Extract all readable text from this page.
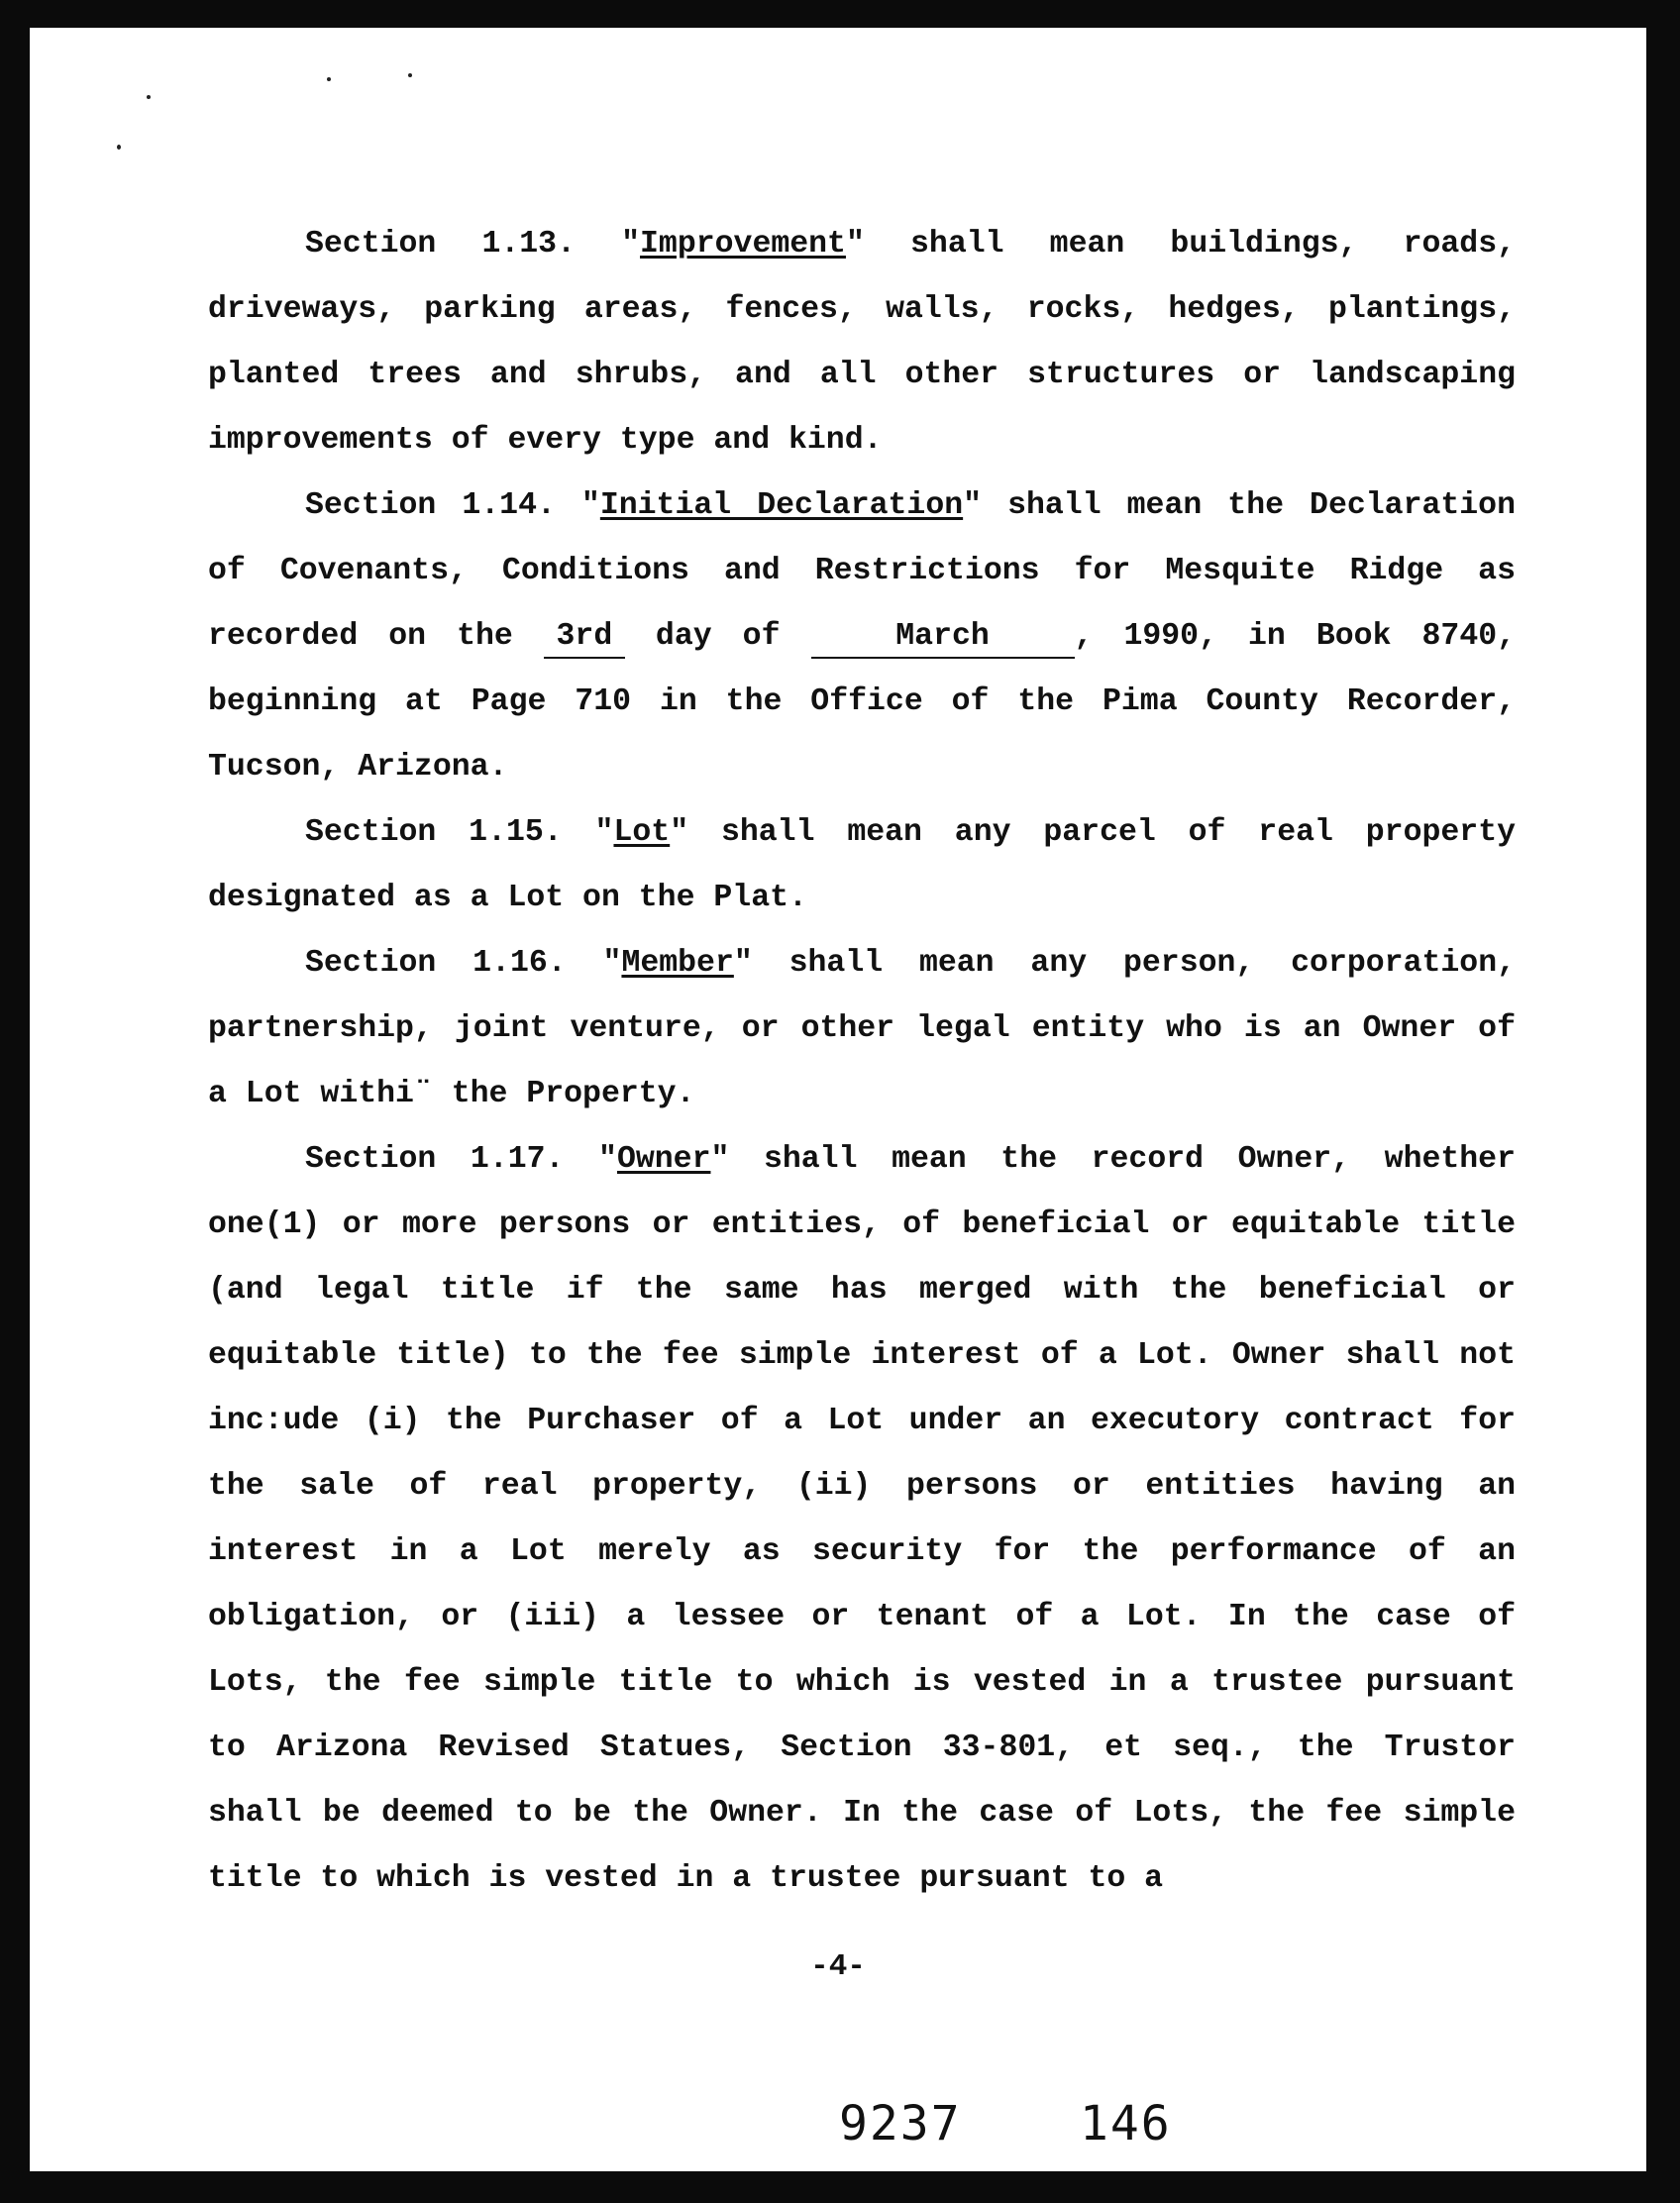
Section 1.13. "Improvement" shall mean buildings, roads, driveways, parking areas, fences, walls, rocks, hedges, plantings, planted trees and shrubs, and all other structures or landscaping improvements of every type and kind.

Section 1.14. "Initial Declaration" shall mean the Declaration of Covenants, Conditions and Restrictions for Mesquite Ridge as recorded on the 3rd day of	March	, 1990, in Book 8740, beginning at Page 710 in the Office of the Pima County Recorder, Tucson, Arizona.

Section 1.15. "Lot" shall mean any parcel of real property designated as a Lot on the Plat.

Section 1.16. "Member" shall mean any person, corporation, partnership, joint venture, or other legal entity who is an Owner of a Lot withi¨ the Property.

Section 1.17. "Owner" shall mean the record Owner, whether one(1) or more persons or entities, of beneficial or equitable title (and legal title if the same has merged with the beneficial or equitable title) to the fee simple interest of a Lot. Owner shall not inc:ude (i) the Purchaser of a Lot under an executory contract for the sale of real property, (ii) persons or entities having an interest in a Lot merely as security for the performance of an obligation, or (iii) a lessee or tenant of a Lot. In the case of Lots, the fee simple title to which is vested in a trustee pursuant to Arizona Revised Statues, Section 33-801, et seq., the Trustor shall be deemed to be the Owner. In the case of Lots, the fee simple title to which is vested in a trustee pursuant to a

-4-
9237 146
